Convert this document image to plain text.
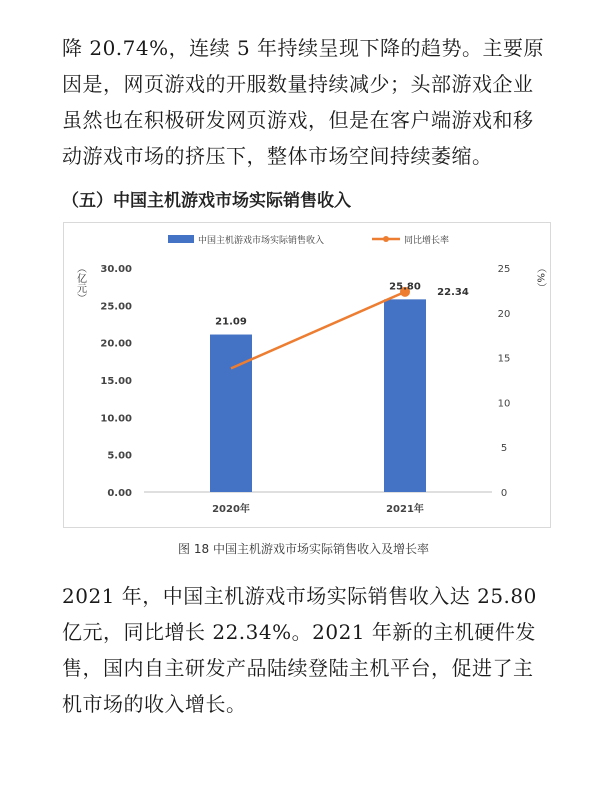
降 20.74%，连续 5 年持续呈现下降的趋势。主要原因是，网页游戏的开服数量持续减少；头部游戏企业虽然也在积极研发网页游戏，但是在客户端游戏和移动游戏市场的挤压下，整体市场空间持续萎缩。

（五）中国主机游戏市场实际销售收入

中国主机游戏市场实际销售收入	同比增长率
（亿元）	（%）
0.00
5.00
10.00
15.00
20.00
25.00
30.00
0
5
10
15
20
25
2020年	2021年
21.09
25.80 22.34

图 18 中国主机游戏市场实际销售收入及增长率

2021 年，中国主机游戏市场实际销售收入达 25.80 亿元，同比增长 22.34%。2021 年新的主机硬件发售，国内自主研发产品陆续登陆主机平台，促进了主机市场的收入增长。
